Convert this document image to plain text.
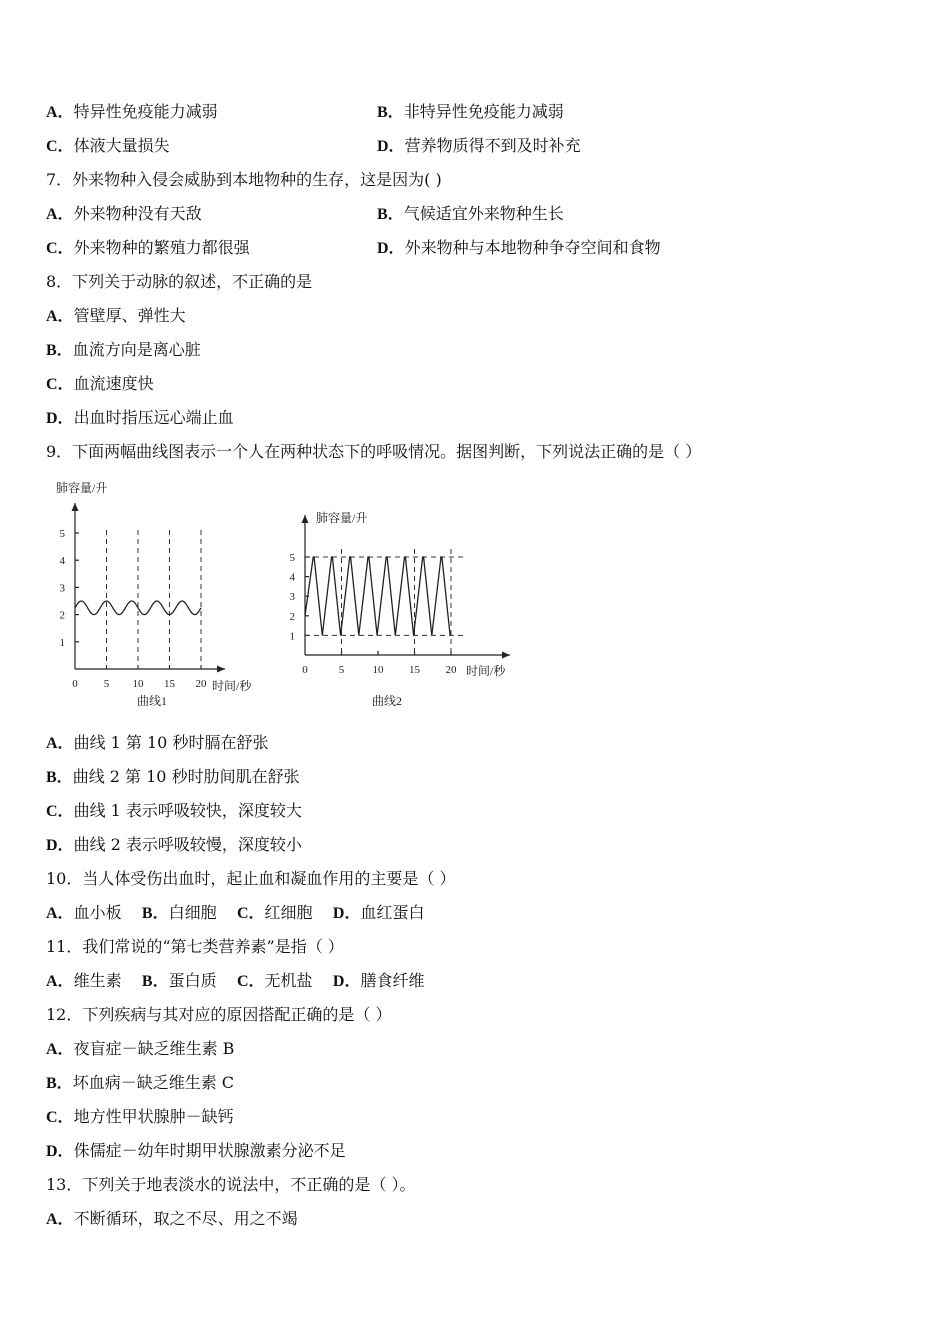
A．特异性免疫能力减弱	B．非特异性免疫能力减弱
C．体液大量损失	D．营养物质得不到及时补充
7．外来物种入侵会威胁到本地物种的生存，这是因为( )
A．外来物种没有天敌	B．气候适宜外来物种生长
C．外来物种的繁殖力都很强	D．外来物种与本地物种争夺空间和食物
8．下列关于动脉的叙述，不正确的是
A．管壁厚、弹性大
B．血流方向是离心脏
C．血流速度快
D．出血时指压远心端止血
9．下面两幅曲线图表示一个人在两种状态下的呼吸情况。据图判断，下列说法正确的是（ ）
1
2
3
4
5
0 5 10 15 20
肺容量/升
时间/秒
曲线1
1
2
3
4
5
0	5	10 15 20
肺容量/升
时间/秒
曲线2
A．曲线 1 第 10 秒时膈在舒张
B．曲线 2 第 10 秒时肋间肌在舒张
C．曲线 1 表示呼吸较快，深度较大
D．曲线 2 表示呼吸较慢，深度较小
10．当人体受伤出血时，起止血和凝血作用的主要是（ ）
A．血小板 B．白细胞 C．红细胞 D．血红蛋白
11．我们常说的“第七类营养素”是指（ ）
A．维生素 B．蛋白质 C．无机盐 D．膳食纤维
12．下列疾病与其对应的原因搭配正确的是（ ）
A．夜盲症－缺乏维生素 B
B．坏血病－缺乏维生素 C
C．地方性甲状腺肿－缺钙
D．侏儒症－幼年时期甲状腺激素分泌不足
13．下列关于地表淡水的说法中，不正确的是（ ）。
A．不断循环，取之不尽、用之不竭
